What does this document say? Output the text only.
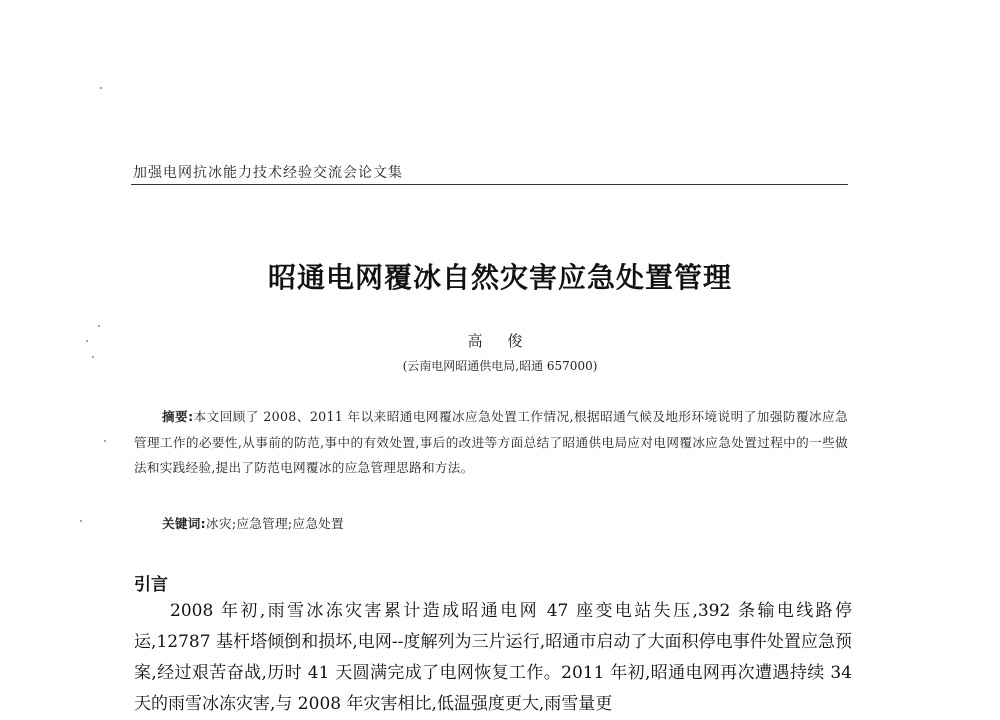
加强电网抗冰能力技术经验交流会论文集
昭通电网覆冰自然灾害应急处置管理
高 俊
(云南电网昭通供电局,昭通 657000)
摘要:本文回顾了 2008、2011 年以来昭通电网覆冰应急处置工作情况,根据昭通气候及地形环境说明了加强防覆冰应急管理工作的必要性,从事前的防范,事中的有效处置,事后的改进等方面总结了昭通供电局应对电网覆冰应急处置过程中的一些做法和实践经验,提出了防范电网覆冰的应急管理思路和方法。
关键词:冰灾;应急管理;应急处置
引言
2008 年初,雨雪冰冻灾害累计造成昭通电网 47 座变电站失压,392 条输电线路停运,12787 基杆塔倾倒和损坏,电网--度解列为三片运行,昭通市启动了大面积停电事件处置应急预案,经过艰苦奋战,历时 41 天圆满完成了电网恢复工作。2011 年初,昭通电网再次遭遇持续 34 天的雨雪冰冻灾害,与 2008 年灾害相比,低温强度更大,雨雪量更
